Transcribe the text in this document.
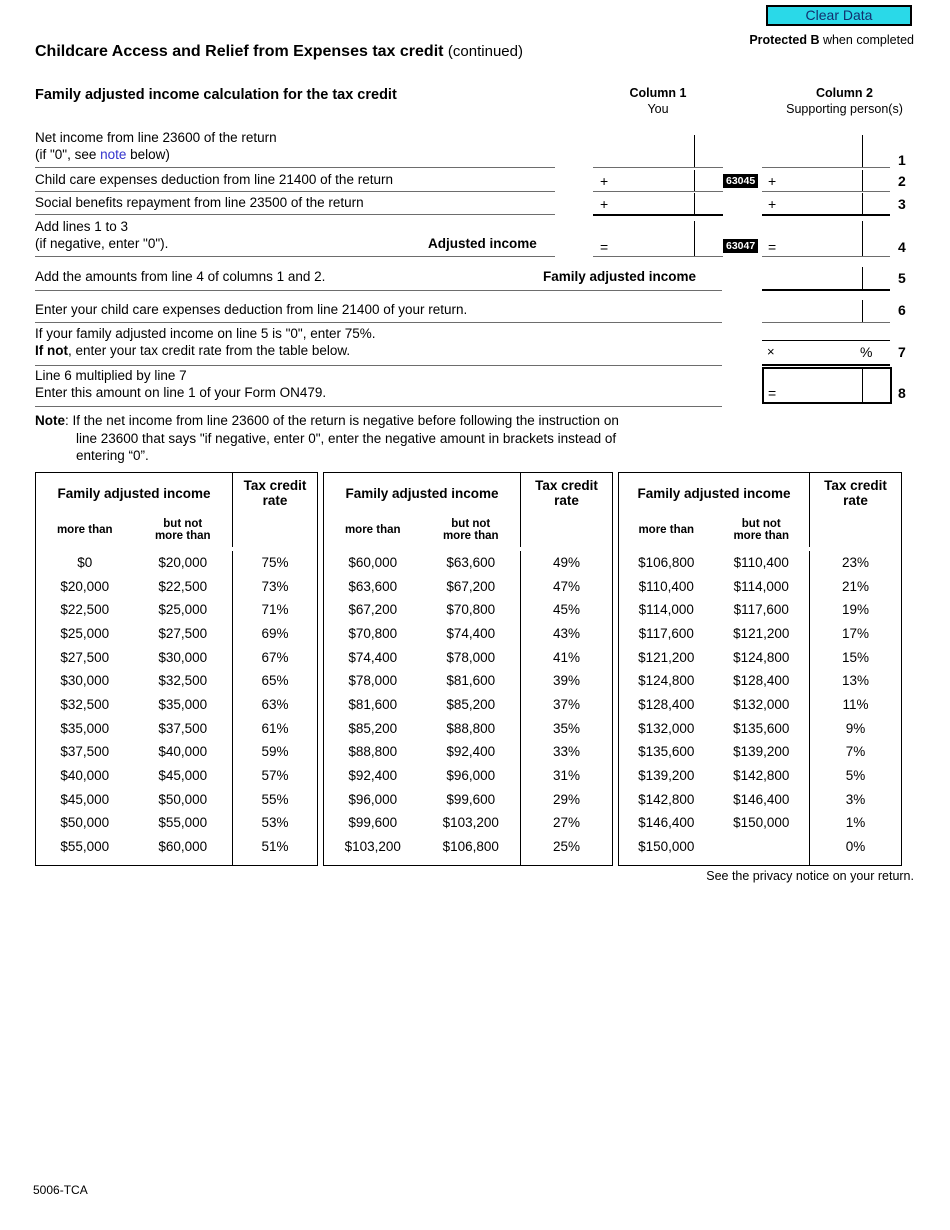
Clear Data
Protected B when completed
Childcare Access and Relief from Expenses tax credit (continued)
Family adjusted income calculation for the tax credit	Column 1
You
Column 2
Supporting person(s)
Net income from line 23600 of the return
(if "0", see note below)	1
Child care expenses deduction from line 21400 of the return	+	63045 +	2
Social benefits repayment from line 23500 of the return	+	+	3
Add lines 1 to 3
(if negative, enter "0").	Adjusted income	=	63047 =	4
Add the amounts from line 4 of columns 1 and 2.	Family adjusted income	5
Enter your child care expenses deduction from line 21400 of your return.	6
If your family adjusted income on line 5 is "0", enter 75%.
If not, enter your tax credit rate from the table below.	×	% 7
Line 6 multiplied by line 7
Enter this amount on line 1 of your Form ON479.	=	8
Note: If the net income from line 23600 of the return is negative before following the instruction on
line 23600 that says "if negative, enter 0", enter the negative amount in brackets instead of
entering “0”.
Family adjusted income		Tax credit
rate
more than	but not
more than	

$0	$20,000	75%
$20,000	$22,500	73%
$22,500	$25,000	71%
$25,000	$27,500	69%
$27,500	$30,000	67%
$30,000	$32,500	65%
$32,500	$35,000	63%
$35,000	$37,500	61%
$37,500	$40,000	59%
$40,000	$45,000	57%
$45,000	$50,000	55%
$50,000	$55,000	53%
$55,000	$60,000	51%

Family adjusted income		Tax credit
rate
more than	but not
more than	

$60,000	$63,600	49%
$63,600	$67,200	47%
$67,200	$70,800	45%
$70,800	$74,400	43%
$74,400	$78,000	41%
$78,000	$81,600	39%
$81,600	$85,200	37%
$85,200	$88,800	35%
$88,800	$92,400	33%
$92,400	$96,000	31%
$96,000	$99,600	29%
$99,600	$103,200	27%
$103,200	$106,800	25%

Family adjusted income		Tax credit
rate
more than	but not
more than	

$106,800	$110,400	23%
$110,400	$114,000	21%
$114,000	$117,600	19%
$117,600	$121,200	17%
$121,200	$124,800	15%
$124,800	$128,400	13%
$128,400	$132,000	11%
$132,000	$135,600	9%
$135,600	$139,200	7%
$139,200	$142,800	5%
$142,800	$146,400	3%
$146,400	$150,000	1%
$150,000		0%

See the privacy notice on your return.
5006-TCA
